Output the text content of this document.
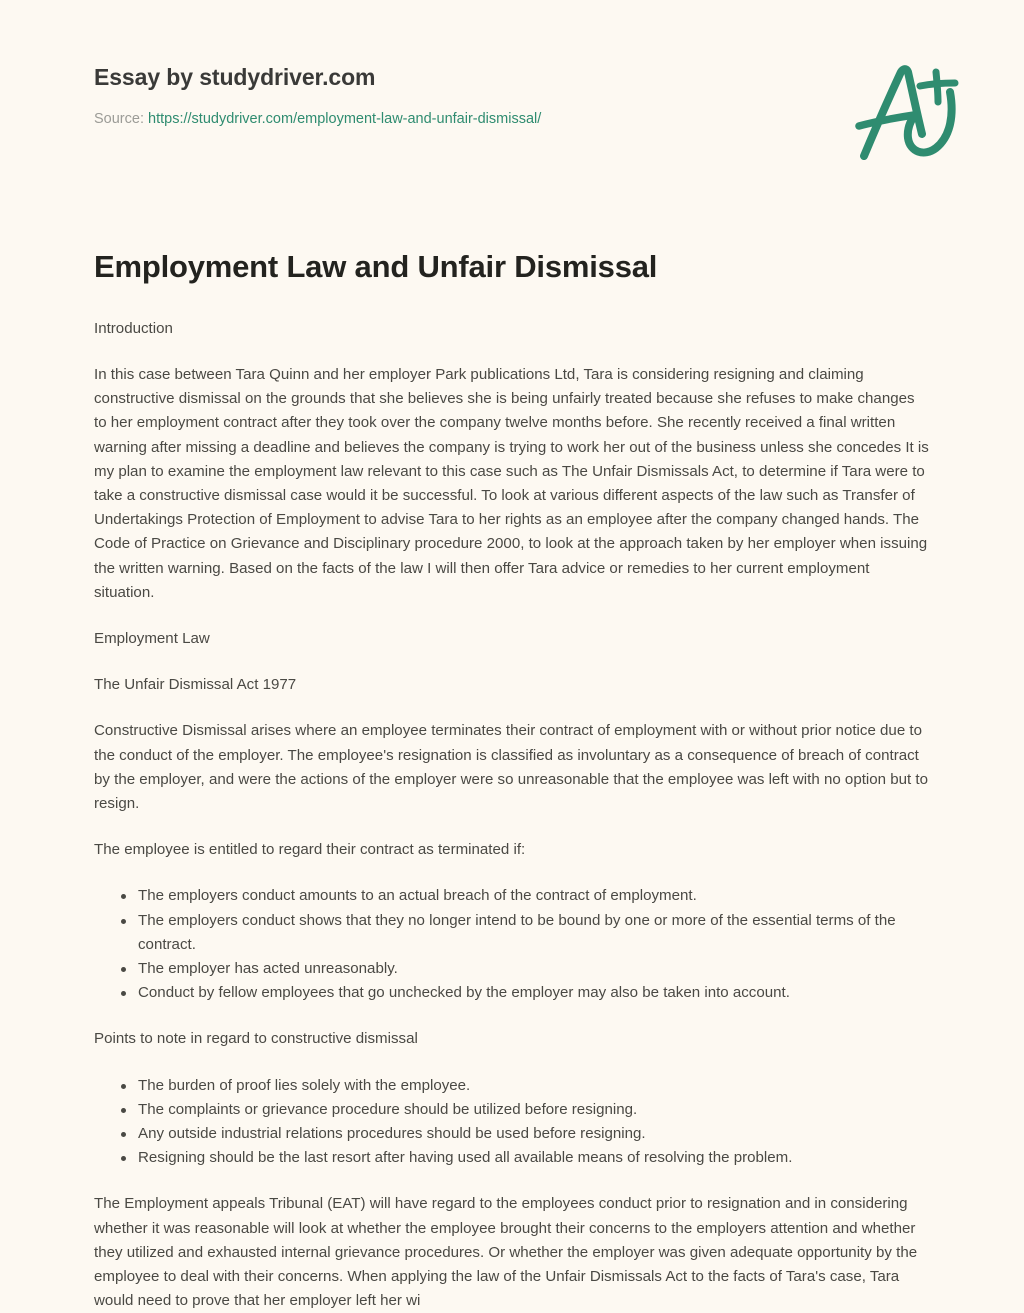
Essay by studydriver.com
Source: https://studydriver.com/employment-law-and-unfair-dismissal/
Employment Law and Unfair Dismissal

Introduction

In this case between Tara Quinn and her employer Park publications Ltd, Tara is considering resigning and claiming constructive dismissal on the grounds that she believes she is being unfairly treated because she refuses to make changes to her employment contract after they took over the company twelve months before. She recently received a final written warning after missing a deadline and believes the company is trying to work her out of the business unless she concedes It is my plan to examine the employment law relevant to this case such as The Unfair Dismissals Act, to determine if Tara were to take a constructive dismissal case would it be successful. To look at various different aspects of the law such as Transfer of Undertakings Protection of Employment to advise Tara to her rights as an employee after the company changed hands. The Code of Practice on Grievance and Disciplinary procedure 2000, to look at the approach taken by her employer when issuing the written warning. Based on the facts of the law I will then offer Tara advice or remedies to her current employment situation.

Employment Law

The Unfair Dismissal Act 1977

Constructive Dismissal arises where an employee terminates their contract of employment with or without prior notice due to the conduct of the employer. The employee's resignation is classified as involuntary as a consequence of breach of contract by the employer, and were the actions of the employer were so unreasonable that the employee was left with no option but to resign.

The employee is entitled to regard their contract as terminated if:

The employers conduct amounts to an actual breach of the contract of employment.
The employers conduct shows that they no longer intend to be bound by one or more of the essential terms of the contract.
The employer has acted unreasonably.
Conduct by fellow employees that go unchecked by the employer may also be taken into account.

Points to note in regard to constructive dismissal

The burden of proof lies solely with the employee.
The complaints or grievance procedure should be utilized before resigning.
Any outside industrial relations procedures should be used before resigning.
Resigning should be the last resort after having used all available means of resolving the problem.

The Employment appeals Tribunal (EAT) will have regard to the employees conduct prior to resignation and in considering whether it was reasonable will look at whether the employee brought their concerns to the employers attention and whether they utilized and exhausted internal grievance procedures. Or whether the employer was given adequate opportunity by the employee to deal with their concerns. When applying the law of the Unfair Dismissals Act to the facts of Tara's case, Tara would need to prove that her employer left her wi
